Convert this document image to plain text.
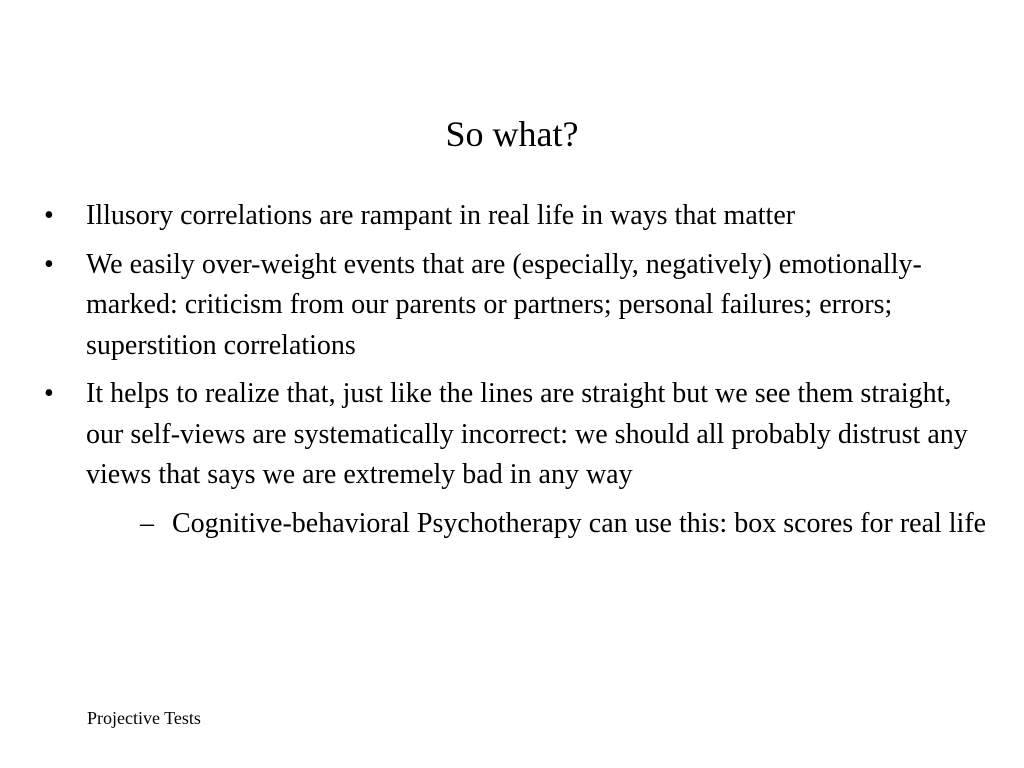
So what?
•	Illusory correlations are rampant in real life in ways that matter
•	We easily over-weight events that are (especially, negatively) emotionally-marked: criticism from our parents or partners; personal failures; errors; superstition correlations
•	It helps to realize that, just like the lines are straight but we see them straight, our self-views are systematically incorrect: we should all probably distrust any views that says we are extremely bad in any way
– Cognitive-behavioral Psychotherapy can use this: box scores for real life
Projective Tests
